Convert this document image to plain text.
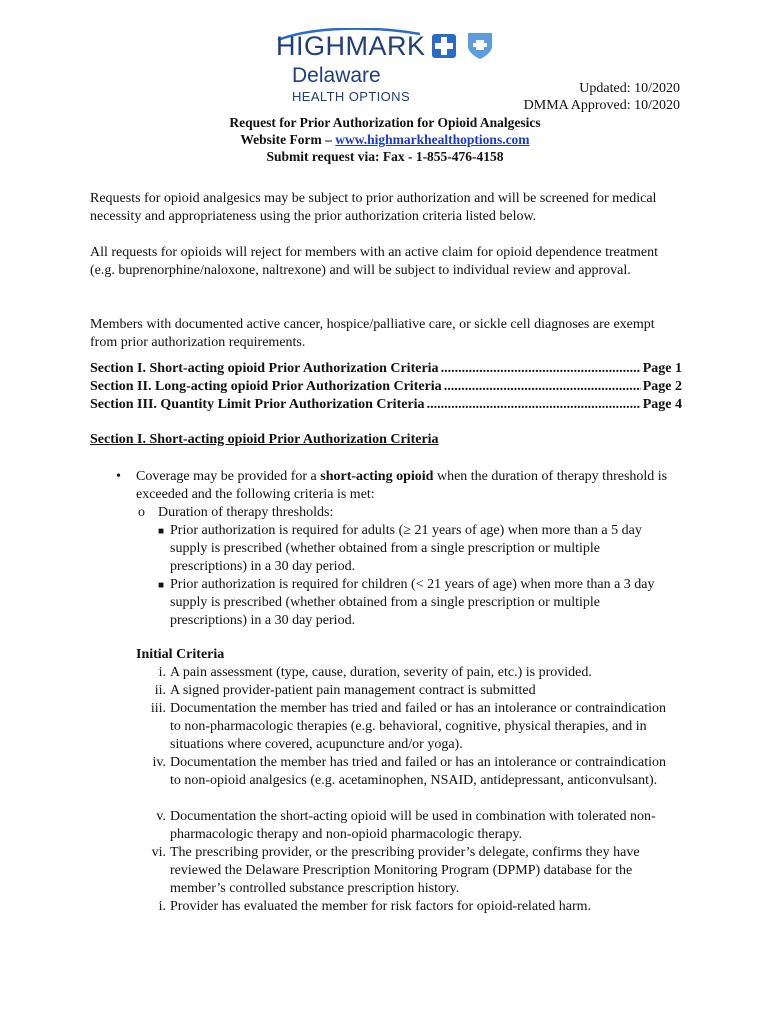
HIGHMARK
Delaware
HEALTH OPTIONS
Updated: 10/2020
DMMA Approved: 10/2020
Request for Prior Authorization for Opioid Analgesics
Website Form – www.highmarkhealthoptions.com
Submit request via: Fax - 1-855-476-4158

Requests for opioid analgesics may be subject to prior authorization and will be screened for medical necessity and appropriateness using the prior authorization criteria listed below.

All requests for opioids will reject for members with an active claim for opioid dependence treatment (e.g. buprenorphine/naloxone, naltrexone) and will be subject to individual review and approval.

Members with documented active cancer, hospice/palliative care, or sickle cell diagnoses are exempt from prior authorization requirements.

Section I. Short-acting opioid Prior Authorization Criteria .....	Page 1
Section II. Long-acting opioid Prior Authorization Criteria .....	Page 2
Section III. Quantity Limit Prior Authorization Criteria .....	Page 4
Section I. Short-acting opioid Prior Authorization Criteria
• Coverage may be provided for a short-acting opioid when the duration of therapy threshold is exceeded and the following criteria is met:
o Duration of therapy thresholds:
■ Prior authorization is required for adults (≥ 21 years of age) when more than a 5 day supply is prescribed (whether obtained from a single prescription or multiple prescriptions) in a 30 day period.
■ Prior authorization is required for children (< 21 years of age) when more than a 3 day supply is prescribed (whether obtained from a single prescription or multiple prescriptions) in a 30 day period.
Initial Criteria
i. A pain assessment (type, cause, duration, severity of pain, etc.) is provided.
ii. A signed provider-patient pain management contract is submitted
iii. Documentation the member has tried and failed or has an intolerance or contraindication to non-pharmacologic therapies (e.g. behavioral, cognitive, physical therapies, and in situations where covered, acupuncture and/or yoga).
iv. Documentation the member has tried and failed or has an intolerance or contraindication to non-opioid analgesics (e.g. acetaminophen, NSAID, antidepressant, anticonvulsant).
v. Documentation the short-acting opioid will be used in combination with tolerated non-pharmacologic therapy and non-opioid pharmacologic therapy.
vi. The prescribing provider, or the prescribing provider’s delegate, confirms they have reviewed the Delaware Prescription Monitoring Program (DPMP) database for the member’s controlled substance prescription history.
i. Provider has evaluated the member for risk factors for opioid-related harm.
